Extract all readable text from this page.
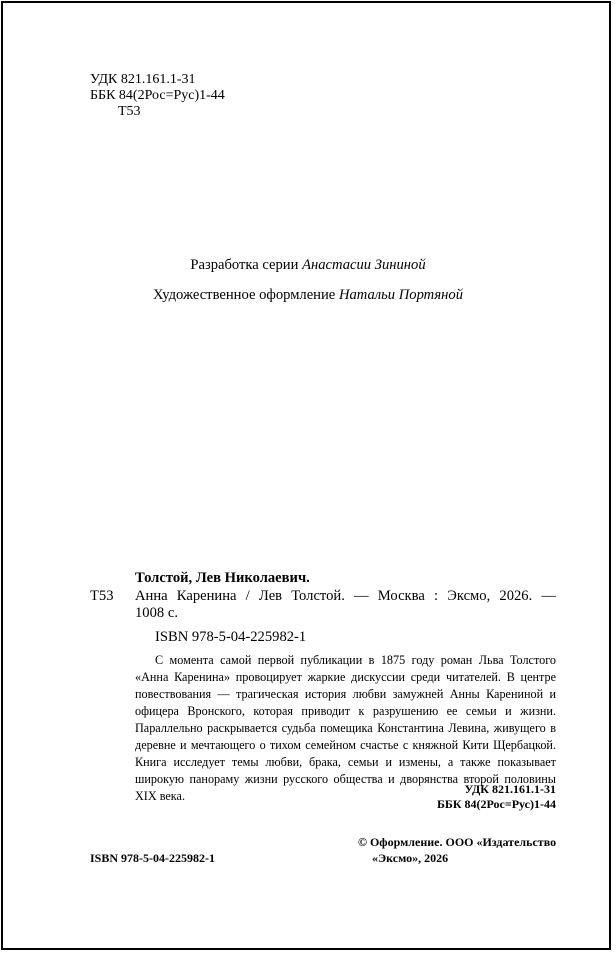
УДК 821.161.1-31
ББК 84(2Рос=Рус)1-44
Т53
Разработка серии Анастасии Зининой
Художественное оформление Натальи Портяной
Толстой, Лев Николаевич.
Т53 Анна Каренина / Лев Толстой. — Москва : Эксмо, 2026. —
1008 с.
ISBN 978-5-04-225982-1

С момента самой первой публикации в 1875 году роман Льва Толстого «Анна Каренина» провоцирует жаркие дискуссии среди читателей. В центре повествования — трагическая история любви замужней Анны Карениной и офицера Вронского, которая приводит к разрушению ее семьи и жизни. Параллельно раскрывается судьба помещика Константина Левина, живущего в деревне и мечтающего о тихом семейном счастье с княжной Кити Щербацкой. Книга исследует темы любви, брака, семьи и измены, а также показывает широкую панораму жизни русского общества и дворянства второй половины XIX века.	УДК 821.161.1-31
ББК 84(2Рос=Рус)1-44
ISBN 978-5-04-225982-1
© Оформление. ООО «Издательство
«Эксмо», 2026
